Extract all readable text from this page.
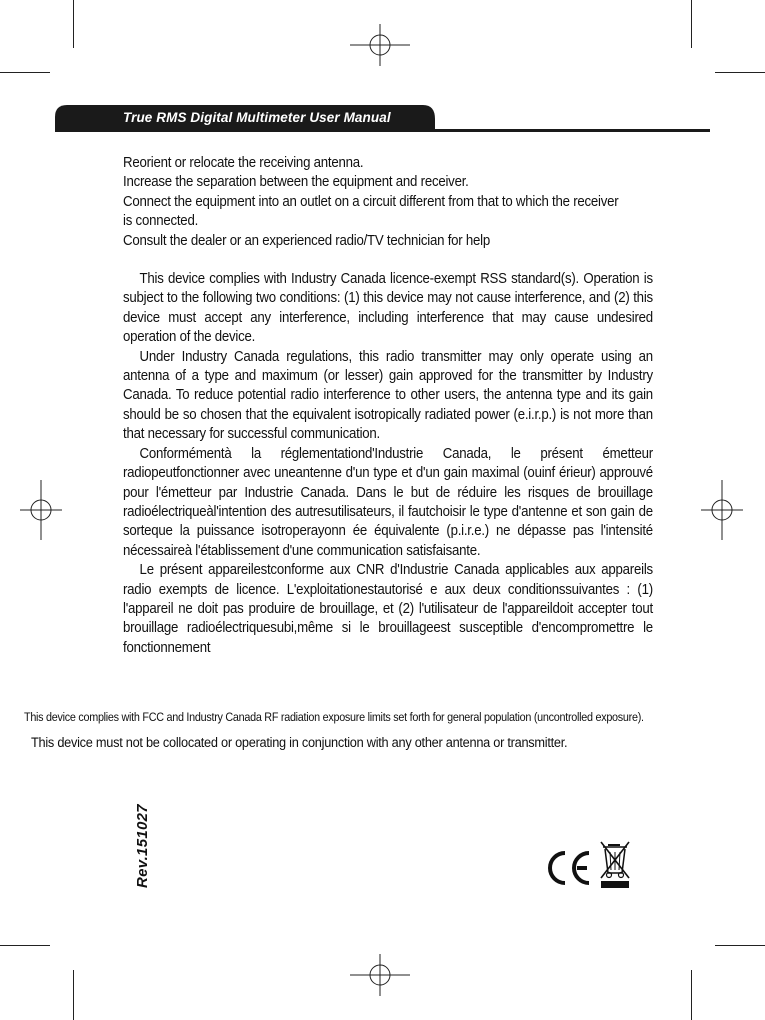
True RMS Digital Multimeter User Manual

Reorient or relocate the receiving antenna.

Increase the separation between the equipment and receiver.

Connect the equipment into an outlet on a circuit different from that to which the receiver is connected.

Consult the dealer or an experienced radio/TV technician for help

This device complies with Industry Canada licence-exempt RSS standard(s). Operation is subject to the following two conditions: (1) this device may not cause interference, and (2) this device must accept any interference, including interference that may cause undesired operation of the device.

Under Industry Canada regulations, this radio transmitter may only operate using an antenna of a type and maximum (or lesser) gain approved for the transmitter by Industry Canada. To reduce potential radio interference to other users, the antenna type and its gain should be so chosen that the equivalent isotropically radiated power (e.i.r.p.) is not more than that necessary for successful communication.

Conformémentà la réglementationd'Industrie Canada, le présent émetteur radiopeutfonctionner avec uneantenne d'un type et d'un gain maximal (ouinf érieur) approuvé pour l'émetteur par Industrie Canada. Dans le but de réduire les risques de brouillage radioélectriqueàl'intention des autresutilisateurs, il fautchoisir le type d'antenne et son gain de sorteque la puissance isotroperayonn ée équivalente (p.i.r.e.) ne dépasse pas l'intensité nécessaireà l'établissement d'une communication satisfaisante.

Le présent appareilestconforme aux CNR d'Industrie Canada applicables aux appareils radio exempts de licence. L'exploitationestautorisé e aux deux conditionssuivantes : (1) l'appareil ne doit pas produire de brouillage, et (2) l'utilisateur de l'appareildoit accepter tout brouillage radioélectriquesubi,même si le brouillageest susceptible d'encompromettre le fonctionnement

This device complies with FCC and Industry Canada RF radiation exposure limits set forth for general population (uncontrolled exposure).
This device must not be collocated or operating in conjunction with any other antenna or transmitter.
Rev.151027
